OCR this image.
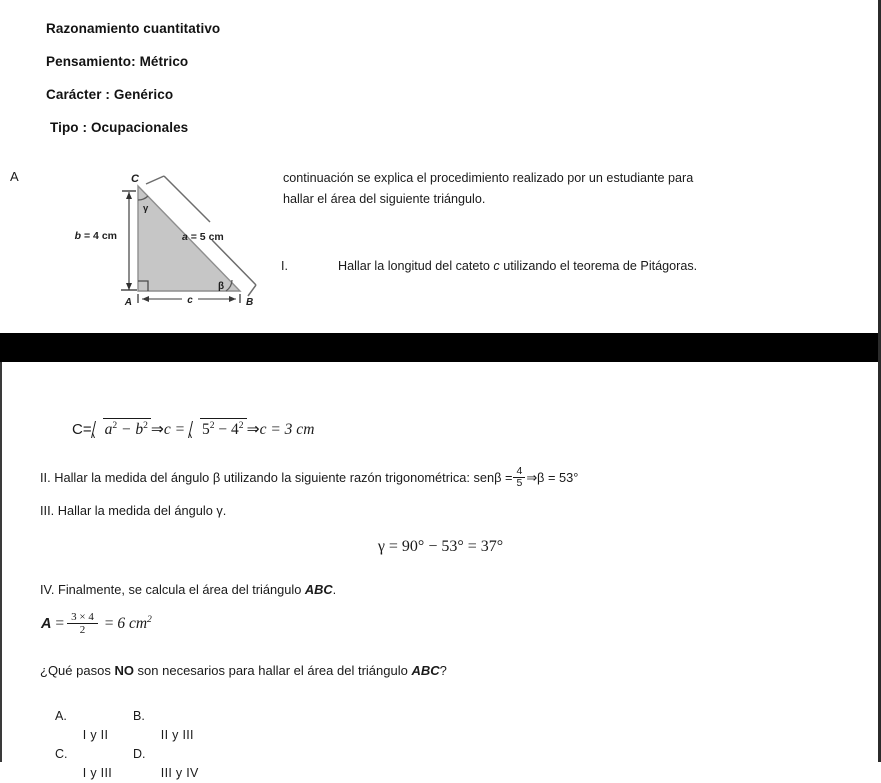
Razonamiento cuantitativo
Pensamiento: Métrico
Carácter : Genérico
Tipo : Ocupacionales
A	C
γ
β
A	B
c
b = 4 cm	a = 5 cm
continuación se explica el procedimiento realizado por un estudiante para
hallar el área del siguiente triángulo.
I.	Hallar la longitud del cateto c utilizando el teorema de Pitágoras.
$C= a^2 - b^2$ ⇒c = $5^2 - 4^2$ ⇒c = 3 cm
II. Hallar la medida del ángulo β utilizando la siguiente razón trigonométrica: $sen\beta = \frac{4}{5}$ ⇒β = 53°
III. Hallar la medida del ángulo γ.
γ = 90° − 53° = 37°
IV. Finalmente, se calcula el área del triángulo ABC.
$A = \frac{3 \times 4}{2} = 6$ $cm^2$
¿Qué pasos NO son necesarios para hallar el área del triángulo ABC?
A.
I y IIB.
II y III
C.
I y IIID.
III y IV
